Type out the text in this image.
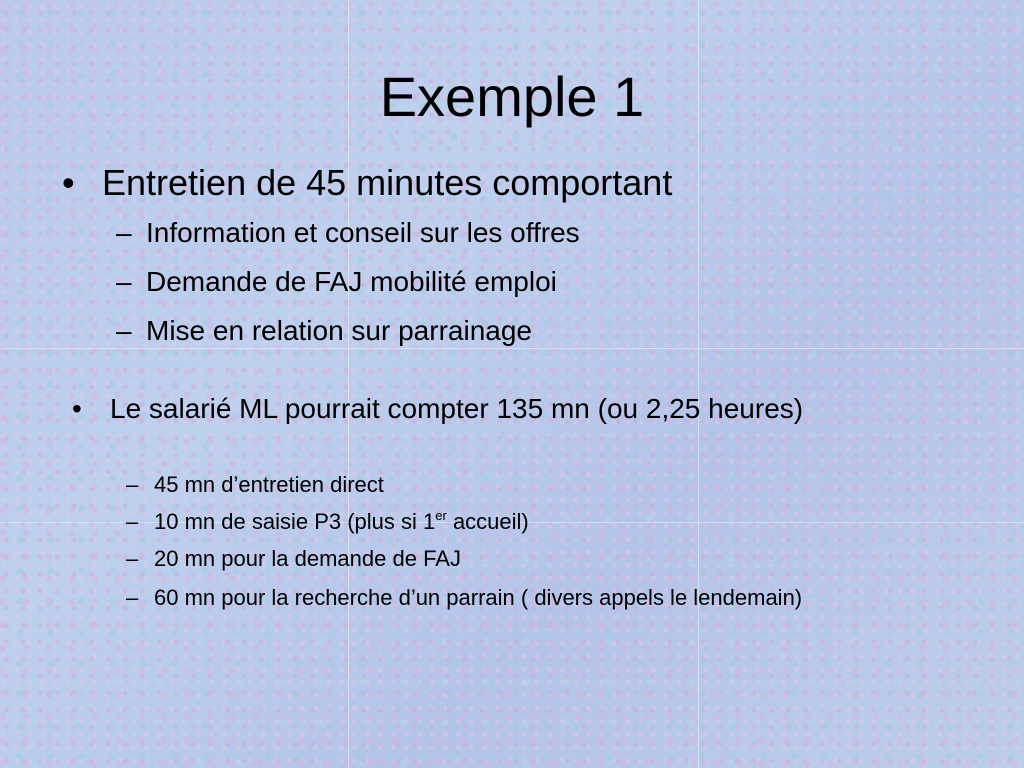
Exemple 1
• Entretien de 45 minutes comportant
– Information et conseil sur les offres
– Demande de FAJ mobilité emploi
– Mise en relation sur parrainage
•	Le salarié ML pourrait compter 135 mn (ou 2,25 heures)
– 45 mn d’entretien direct
– 10 mn de saisie P3 (plus si 1er accueil)
– 20 mn pour la demande de FAJ
– 60 mn pour la recherche d’un parrain ( divers appels le lendemain)
